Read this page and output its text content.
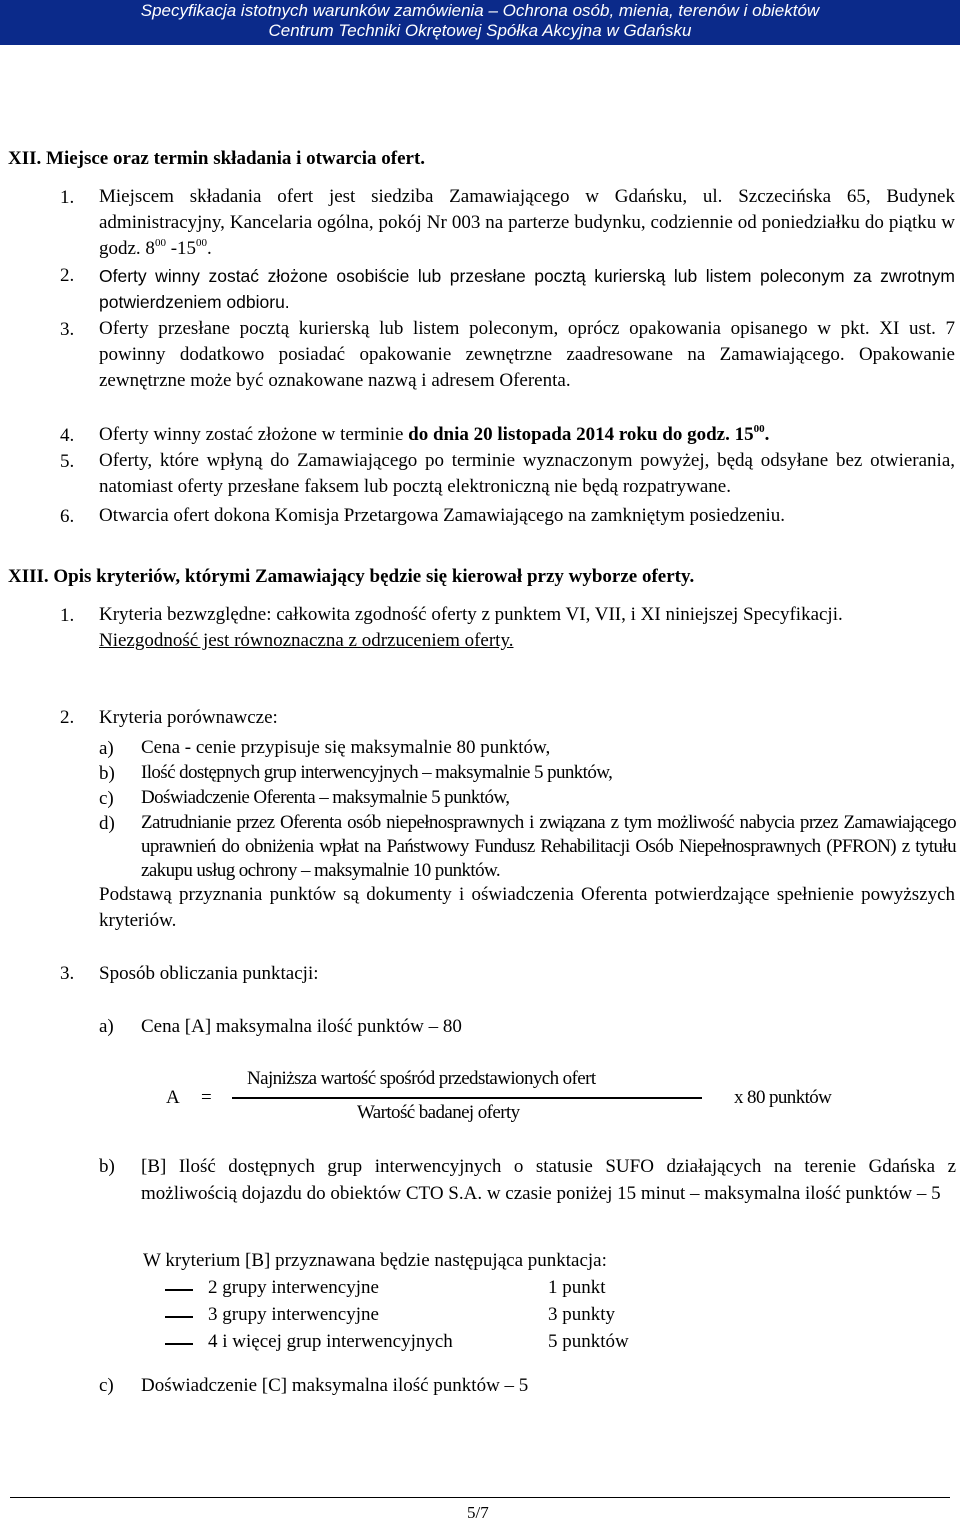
Specyfikacja istotnych warunków zamówienia – Ochrona osób, mienia, terenów i obiektów
Centrum Techniki Okrętowej Spółka Akcyjna w Gdańsku
XII. Miejsce oraz termin składania i otwarcia ofert.
1. Miejscem składania ofert jest siedziba Zamawiającego w Gdańsku, ul. Szczecińska 65, Budynek administracyjny, Kancelaria ogólna, pokój Nr 003 na parterze budynku, codziennie od poniedziałku do piątku w godz. $8^{00}$ $-15^{00}$.
2. Oferty winny zostać złożone osobiście lub przesłane pocztą kurierską lub listem poleconym za zwrotnym potwierdzeniem odbioru.
3. Oferty przesłane pocztą kurierską lub listem poleconym, oprócz opakowania opisanego w pkt. XI ust. 7 powinny dodatkowo posiadać opakowanie zewnętrzne zaadresowane na Zamawiającego. Opakowanie zewnętrzne może być oznakowane nazwą i adresem Oferenta.
4. Oferty winny zostać złożone w terminie do dnia 20 listopada 2014 roku do godz. $15^{00}$.
5. Oferty, które wpłyną do Zamawiającego po terminie wyznaczonym powyżej, będą odsyłane bez otwierania, natomiast oferty przesłane faksem lub pocztą elektroniczną nie będą rozpatrywane.
6. Otwarcia ofert dokona Komisja Przetargowa Zamawiającego na zamkniętym posiedzeniu.
XIII. Opis kryteriów, którymi Zamawiający będzie się kierował przy wyborze oferty.
1. Kryteria bezwzględne: całkowita zgodność oferty z punktem VI, VII, i XI niniejszej Specyfikacji.
Niezgodność jest równoznaczna z odrzuceniem oferty.
2. Kryteria porównawcze:
a) Cena - cenie przypisuje się maksymalnie 80 punktów,
b) Ilość dostępnych grup interwencyjnych – maksymalnie 5 punktów,
c) Doświadczenie Oferenta – maksymalnie 5 punktów,
d) Zatrudnianie przez Oferenta osób niepełnosprawnych i związana z tym możliwość nabycia przez Zamawiającego uprawnień do obniżenia wpłat na Państwowy Fundusz Rehabilitacji Osób Niepełnosprawnych (PFRON) z tytułu zakupu usług ochrony – maksymalnie 10 punktów.
Podstawą przyznania punktów są dokumenty i oświadczenia Oferenta potwierdzające spełnienie powyższych kryteriów.
3. Sposób obliczania punktacji:
a) Cena [A] maksymalna ilość punktów – 80
A =
Najniższa wartość spośród przedstawionych ofert
Wartość badanej oferty
x 80 punktów
b) [B] Ilość dostępnych grup interwencyjnych o statusie SUFO działających na terenie Gdańska z możliwością dojazdu do obiektów CTO S.A. w czasie poniżej 15 minut – maksymalna ilość punktów – 5
W kryterium [B] przyznawana będzie następująca punktacja:
2 grupy interwencyjne	1 punkt
3 grupy interwencyjne	3 punkty
4 i więcej grup interwencyjnych	5 punktów
c) Doświadczenie [C] maksymalna ilość punktów – 5
5/7
